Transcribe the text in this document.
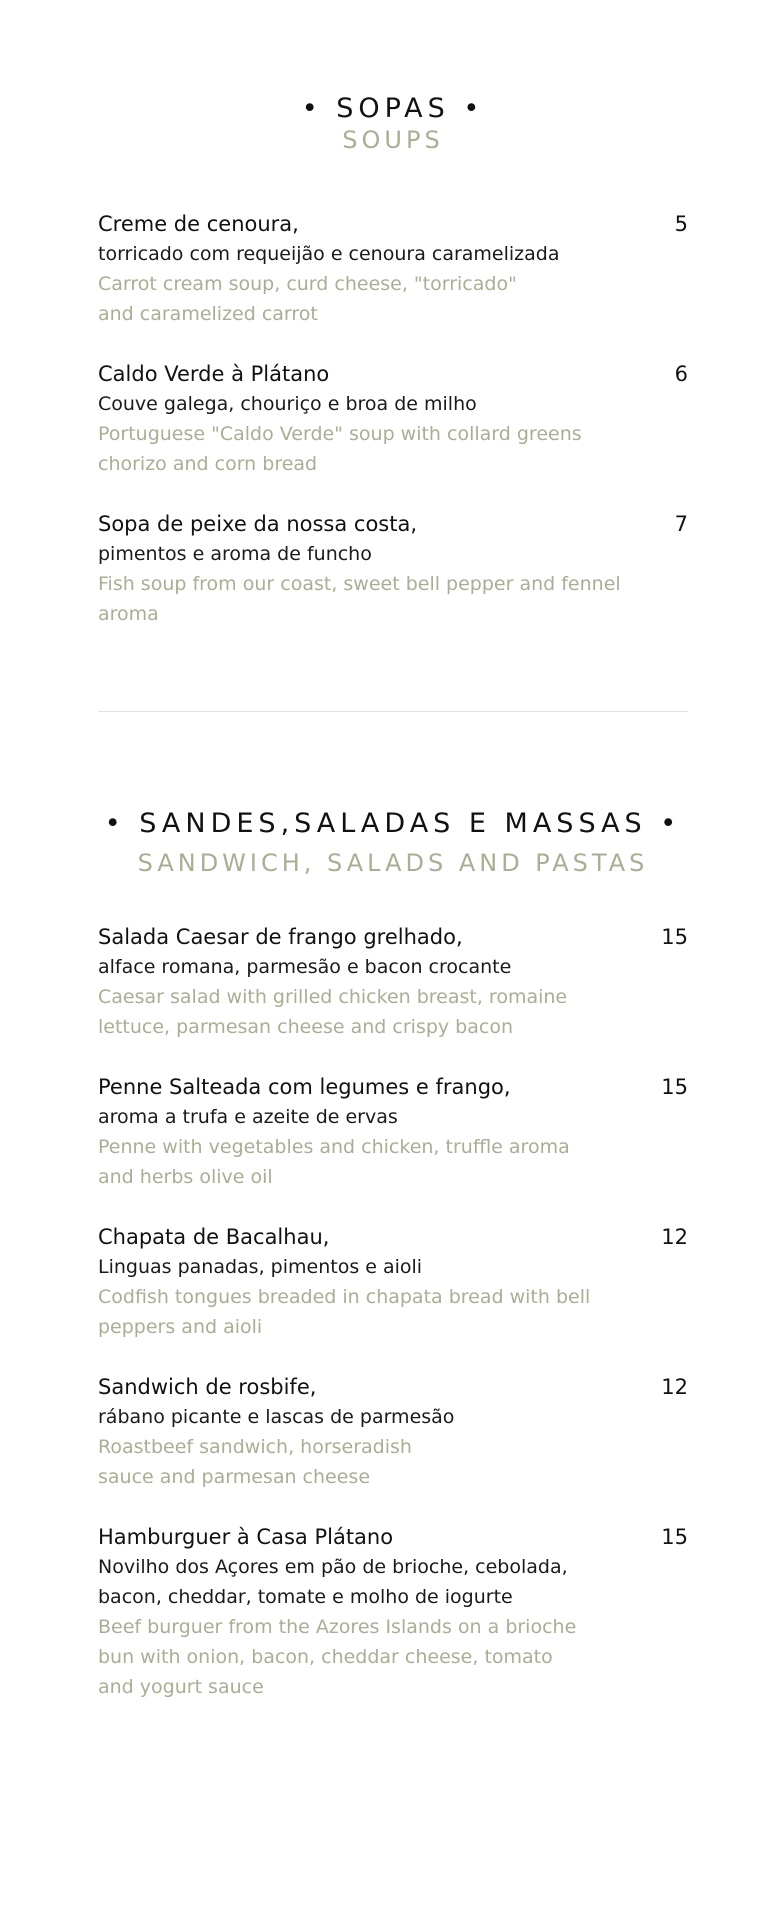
• SOPAS •
SOUPS
Creme de cenoura,	5
torricado com requeijão e cenoura caramelizada
Carrot cream soup, curd cheese, "torricado"
and caramelized carrot
Caldo Verde à Plátano	6
Couve galega, chouriço e broa de milho
Portuguese "Caldo Verde" soup with collard greens
chorizo and corn bread
Sopa de peixe da nossa costa,	7
pimentos e aroma de funcho
Fish soup from our coast, sweet bell pepper and fennel
aroma
• SANDES,SALADAS E MASSAS •
SANDWICH, SALADS AND PASTAS
Salada Caesar de frango grelhado,	15
alface romana, parmesão e bacon crocante
Caesar salad with grilled chicken breast, romaine
lettuce, parmesan cheese and crispy bacon
Penne Salteada com legumes e frango,	15
aroma a trufa e azeite de ervas
Penne with vegetables and chicken, truffle aroma
and herbs olive oil
Chapata de Bacalhau,	12
Linguas panadas, pimentos e aioli
Codfish tongues breaded in chapata bread with bell
peppers and aioli
Sandwich de rosbife,	12
rábano picante e lascas de parmesão
Roastbeef sandwich, horseradish
sauce and parmesan cheese
Hamburguer à Casa Plátano	15
Novilho dos Açores em pão de brioche, cebolada,
bacon, cheddar, tomate e molho de iogurte
Beef burguer from the Azores Islands on a brioche
bun with onion, bacon, cheddar cheese, tomato
and yogurt sauce
